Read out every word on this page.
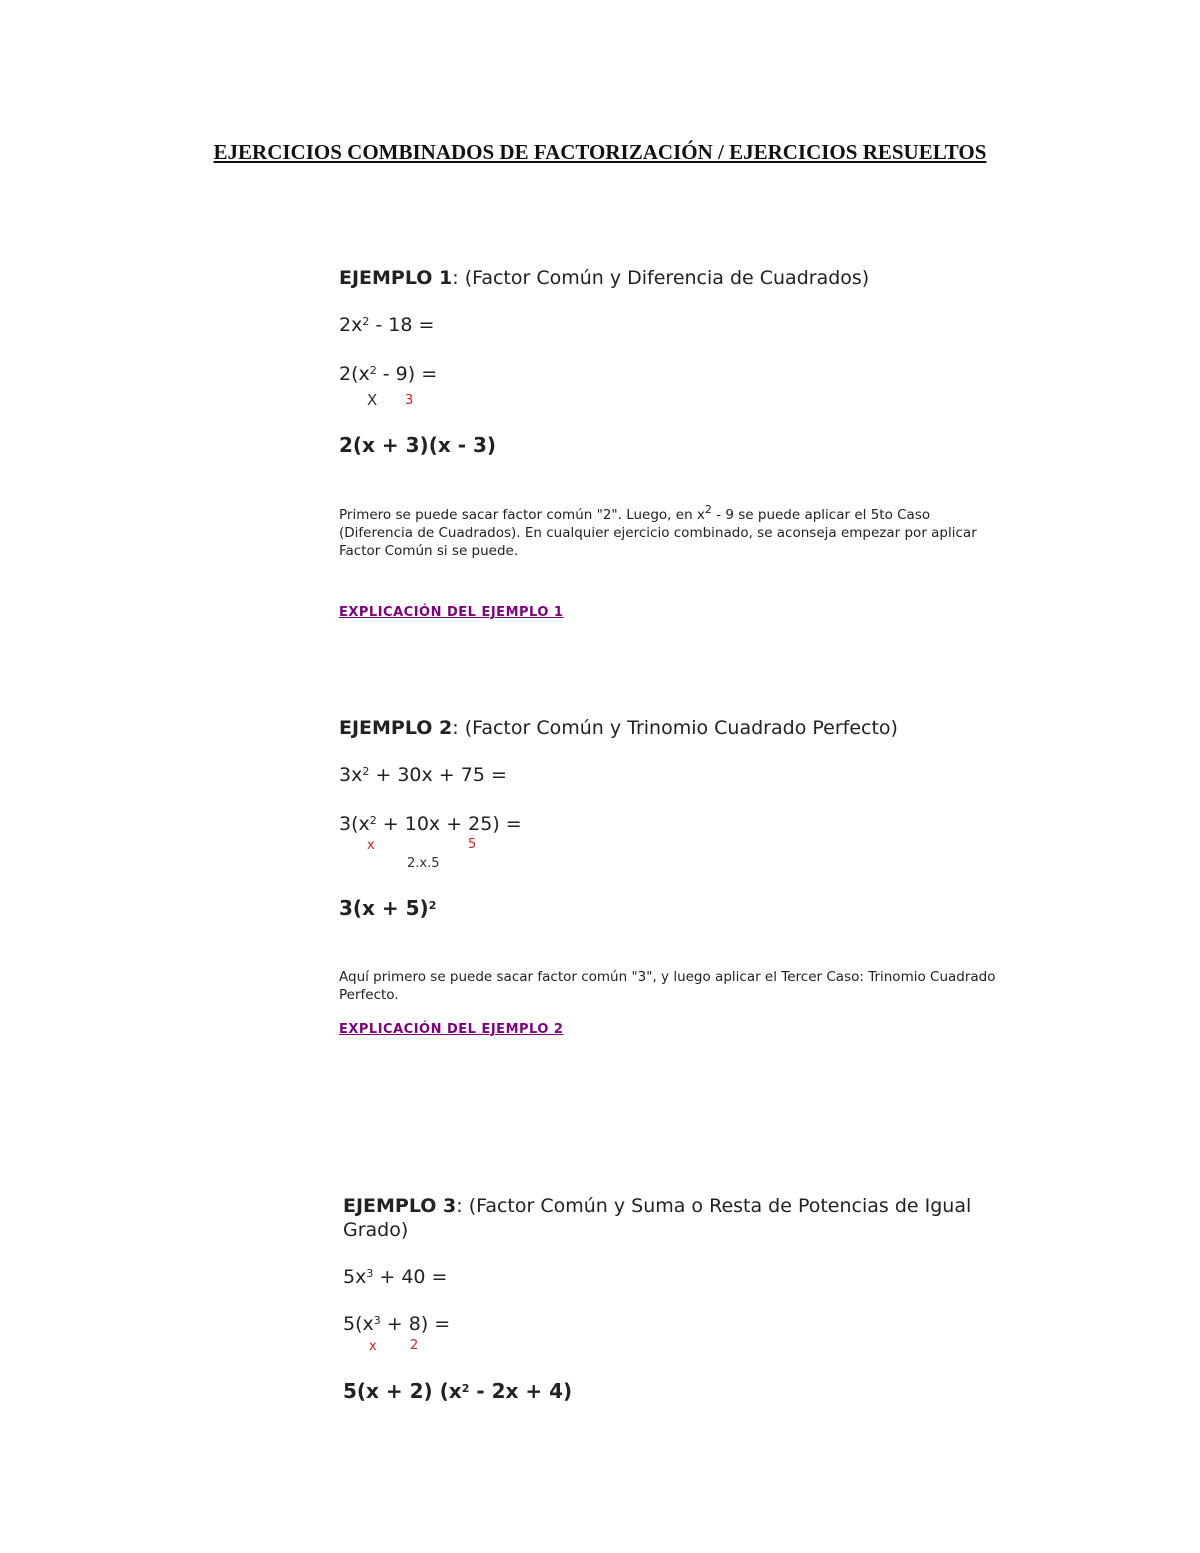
EJERCICIOS COMBINADOS DE FACTORIZACIÓN / EJERCICIOS RESUELTOS
EJEMPLO 1: (Factor Común y Diferencia de Cuadrados)
$2x^2 - 18$ =
$2(x^2 - 9)$ =
X 3
2(x + 3)(x - 3)

Primero se puede sacar factor común "2". Luego, en $x^2 - 9$ se puede aplicar el 5to Caso (Diferencia de Cuadrados). En cualquier ejercicio combinado, se aconseja empezar por aplicar Factor Común si se puede.

EXPLICACIÓN DEL EJEMPLO 1
EJEMPLO 2: (Factor Común y Trinomio Cuadrado Perfecto)
$3x^2 + 30x + 75$ =
$3(x^2 + 10x + 25)$ =
x	5
2.x.5
$3(x + 5)^2$

Aquí primero se puede sacar factor común "3", y luego aplicar el Tercer Caso: Trinomio Cuadrado Perfecto.

EXPLICACIÓN DEL EJEMPLO 2
EJEMPLO 3: (Factor Común y Suma o Resta de Potencias de Igual Grado)
$5x^3 + 40$ =
$5(x^3 + 8)$ =
x	2
5(x + 2) $(x^2 - 2x + 4)$
